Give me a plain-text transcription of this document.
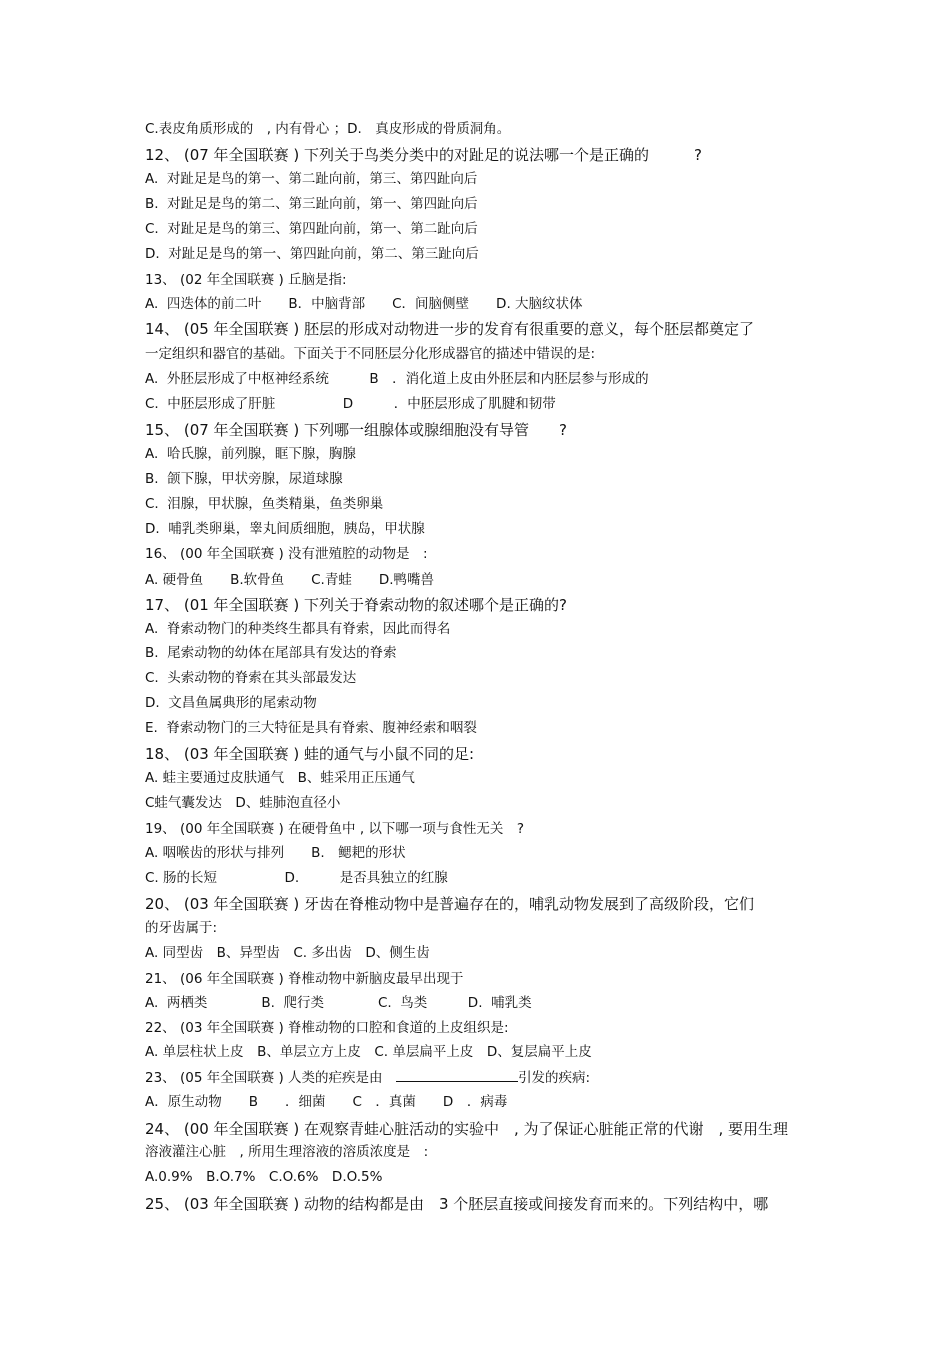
C.表皮角质形成的　, 内有骨心 ；D.　真皮形成的骨质洞角。
12、 (07 年全国联赛 ) 下列关于鸟类分类中的对趾足的说法哪一个是正确的　　　?
A.  对趾足是鸟的第一、第二趾向前，第三、第四趾向后
B.  对趾足是鸟的第二、第三趾向前，第一、第四趾向后
C.  对趾足是鸟的第三、第四趾向前，第一、第二趾向后
D.  对趾足是鸟的第一、第四趾向前，第二、第三趾向后
13、 (02 年全国联赛 ) 丘脑是指:
A.  四迭体的前二叶　　B．中脑背部　　C．间脑侧壁　　D. 大脑纹状体
14、 (05 年全国联赛 ) 胚层的形成对动物进一步的发育有很重要的意义，每个胚层都奠定了
一定组织和器官的基础。下面关于不同胚层分化形成器官的描述中错误的是:
A.  外胚层形成了中枢神经系统　　　B　．消化道上皮由外胚层和内胚层参与形成的
C.  中胚层形成了肝脏　　　　　D　　　．中胚层形成了肌腱和韧带
15、 (07 年全国联赛 ) 下列哪一组腺体或腺细胞没有导管　　?
A.  哈氏腺，前列腺，眶下腺，胸腺
B.  颌下腺，甲状旁腺，尿道球腺
C.  泪腺，甲状腺，鱼类精巢，鱼类卵巢
D.  哺乳类卵巢，睾丸间质细胞，胰岛，甲状腺
16、 (00 年全国联赛 ) 没有泄殖腔的动物是　:
A. 硬骨鱼　　B.软骨鱼　　C.青蛙　　D.鸭嘴兽
17、 (01 年全国联赛 ) 下列关于脊索动物的叙述哪个是正确的?
A.  脊索动物门的种类终生都具有脊索，因此而得名
B.  尾索动物的幼体在尾部具有发达的脊索
C.  头索动物的脊索在其头部最发达
D.  文昌鱼属典形的尾索动物
E.  脊索动物门的三大特征是具有脊索、腹神经索和咽裂
18、 (03 年全国联赛 ) 蛙的通气与小鼠不同的足:
A. 蛙主要通过皮肤通气　B、蛙采用正压通气
C蛙气囊发达　D、蛙肺泡直径小
19、 (00 年全国联赛 ) 在硬骨鱼中 , 以下哪一项与食性无关　?
A. 咽喉齿的形状与排列　　B.　鳃耙的形状
C. 肠的长短　　　　　D.　　　是否具独立的红腺
20、 (03 年全国联赛 ) 牙齿在脊椎动物中是普遍存在的，哺乳动物发展到了高级阶段，它们
的牙齿属于:
A. 同型齿　B、异型齿　C. 多出齿　D、侧生齿
21、 (06 年全国联赛 ) 脊椎动物中新脑皮最早出现于
A.  两栖类　　　　B.  爬行类　　　　C.  鸟类　　　D.  哺乳类
22、 (03 年全国联赛 ) 脊椎动物的口腔和食道的上皮组织是:
A. 单层柱状上皮　B、单层立方上皮　C. 单层扁平上皮　D、复层扁平上皮
23、 (05 年全国联赛 ) 人类的疟疾是由　	引发的疾病:
A．原生动物　　B　　．细菌　　C　．真菌　　D　．病毒
24、 (00 年全国联赛 ) 在观察青蛙心脏活动的实验中　, 为了保证心脏能正常的代谢　, 要用生理
溶液灌注心脏　, 所用生理溶液的溶质浓度是　:
A.0.9%　B.O.7%　C.O.6%　D.O.5%
25、 (03 年全国联赛 ) 动物的结构都是由　3 个胚层直接或间接发育而来的。下列结构中，哪
